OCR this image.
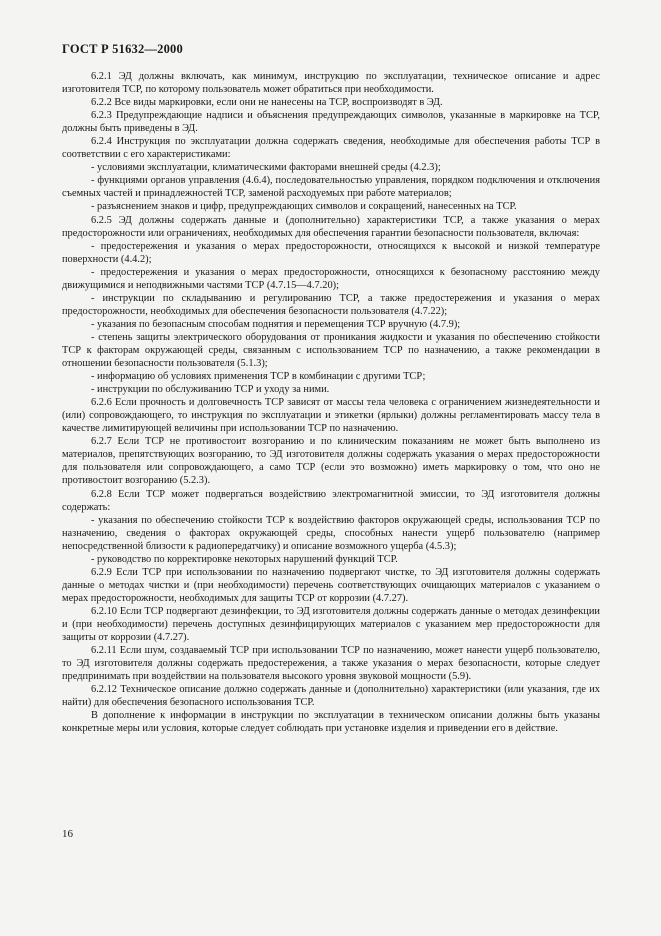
ГОСТ Р 51632—2000

6.2.1 ЭД должны включать, как минимум, инструкцию по эксплуатации, техническое описание и адрес изготовителя ТСР, по которому пользователь может обратиться при необходимости.

6.2.2 Все виды маркировки, если они не нанесены на ТСР, воспроизводят в ЭД.

6.2.3 Предупреждающие надписи и объяснения предупреждающих символов, указанные в маркировке на ТСР, должны быть приведены в ЭД.

6.2.4 Инструкция по эксплуатации должна содержать сведения, необходимые для обеспечения работы ТСР в соответствии с его характеристиками:

- условиями эксплуатации, климатическими факторами внешней среды (4.2.3);

- функциями органов управления (4.6.4), последовательностью управления, порядком подключения и отключения съемных частей и принадлежностей ТСР, заменой расходуемых при работе материалов;

- разъяснением знаков и цифр, предупреждающих символов и сокращений, нанесенных на ТСР.

6.2.5 ЭД должны содержать данные и (дополнительно) характеристики ТСР, а также указания о мерах предосторожности или ограничениях, необходимых для обеспечения гарантии безопасности пользователя, включая:

- предостережения и указания о мерах предосторожности, относящихся к высокой и низкой температуре поверхности (4.4.2);

- предостережения и указания о мерах предосторожности, относящихся к безопасному расстоянию между движущимися и неподвижными частями ТСР (4.7.15—4.7.20);

- инструкции по складыванию и регулированию ТСР, а также предостережения и указания о мерах предосторожности, необходимых для обеспечения безопасности пользователя (4.7.22);

- указания по безопасным способам поднятия и перемещения ТСР вручную (4.7.9);

- степень защиты электрического оборудования от проникания жидкости и указания по обеспечению стойкости ТСР к факторам окружающей среды, связанным с использованием ТСР по назначению, а также рекомендации в отношении безопасности пользователя (5.1.3);

- информацию об условиях применения ТСР в комбинации с другими ТСР;

- инструкции по обслуживанию ТСР и уходу за ними.

6.2.6 Если прочность и долговечность ТСР зависят от массы тела человека с ограничением жизнедеятельности и (или) сопровождающего, то инструкция по эксплуатации и этикетки (ярлыки) должны регламентировать массу тела в качестве лимитирующей величины при использовании ТСР по назначению.

6.2.7 Если ТСР не противостоит возгоранию и по клиническим показаниям не может быть выполнено из материалов, препятствующих возгоранию, то ЭД изготовителя должны содержать указания о мерах предосторожности для пользователя или сопровождающего, а само ТСР (если это возможно) иметь маркировку о том, что оно не противостоит возгоранию (5.2.3).

6.2.8 Если ТСР может подвергаться воздействию электромагнитной эмиссии, то ЭД изготовителя должны содержать:

- указания по обеспечению стойкости ТСР к воздействию факторов окружающей среды, использования ТСР по назначению, сведения о факторах окружающей среды, способных нанести ущерб пользователю (например непосредственной близости к радиопередатчику) и описание возможного ущерба (4.5.3);

- руководство по корректировке некоторых нарушений функций ТСР.

6.2.9 Если ТСР при использовании по назначению подвергают чистке, то ЭД изготовителя должны содержать данные о методах чистки и (при необходимости) перечень соответствующих очищающих материалов с указанием о мерах предосторожности, необходимых для защиты ТСР от коррозии (4.7.27).

6.2.10 Если ТСР подвергают дезинфекции, то ЭД изготовителя должны содержать данные о методах дезинфекции и (при необходимости) перечень доступных дезинфицирующих материалов с указанием мер предосторожности для защиты от коррозии (4.7.27).

6.2.11 Если шум, создаваемый ТСР при использовании ТСР по назначению, может нанести ущерб пользователю, то ЭД изготовителя должны содержать предостережения, а также указания о мерах безопасности, которые следует предпринимать при воздействии на пользователя высокого уровня звуковой мощности (5.9).

6.2.12 Техническое описание должно содержать данные и (дополнительно) характеристики (или указания, где их найти) для обеспечения безопасного использования ТСР.

В дополнение к информации в инструкции по эксплуатации в техническом описании должны быть указаны конкретные меры или условия, которые следует соблюдать при установке изделия и приведении его в действие.

16
